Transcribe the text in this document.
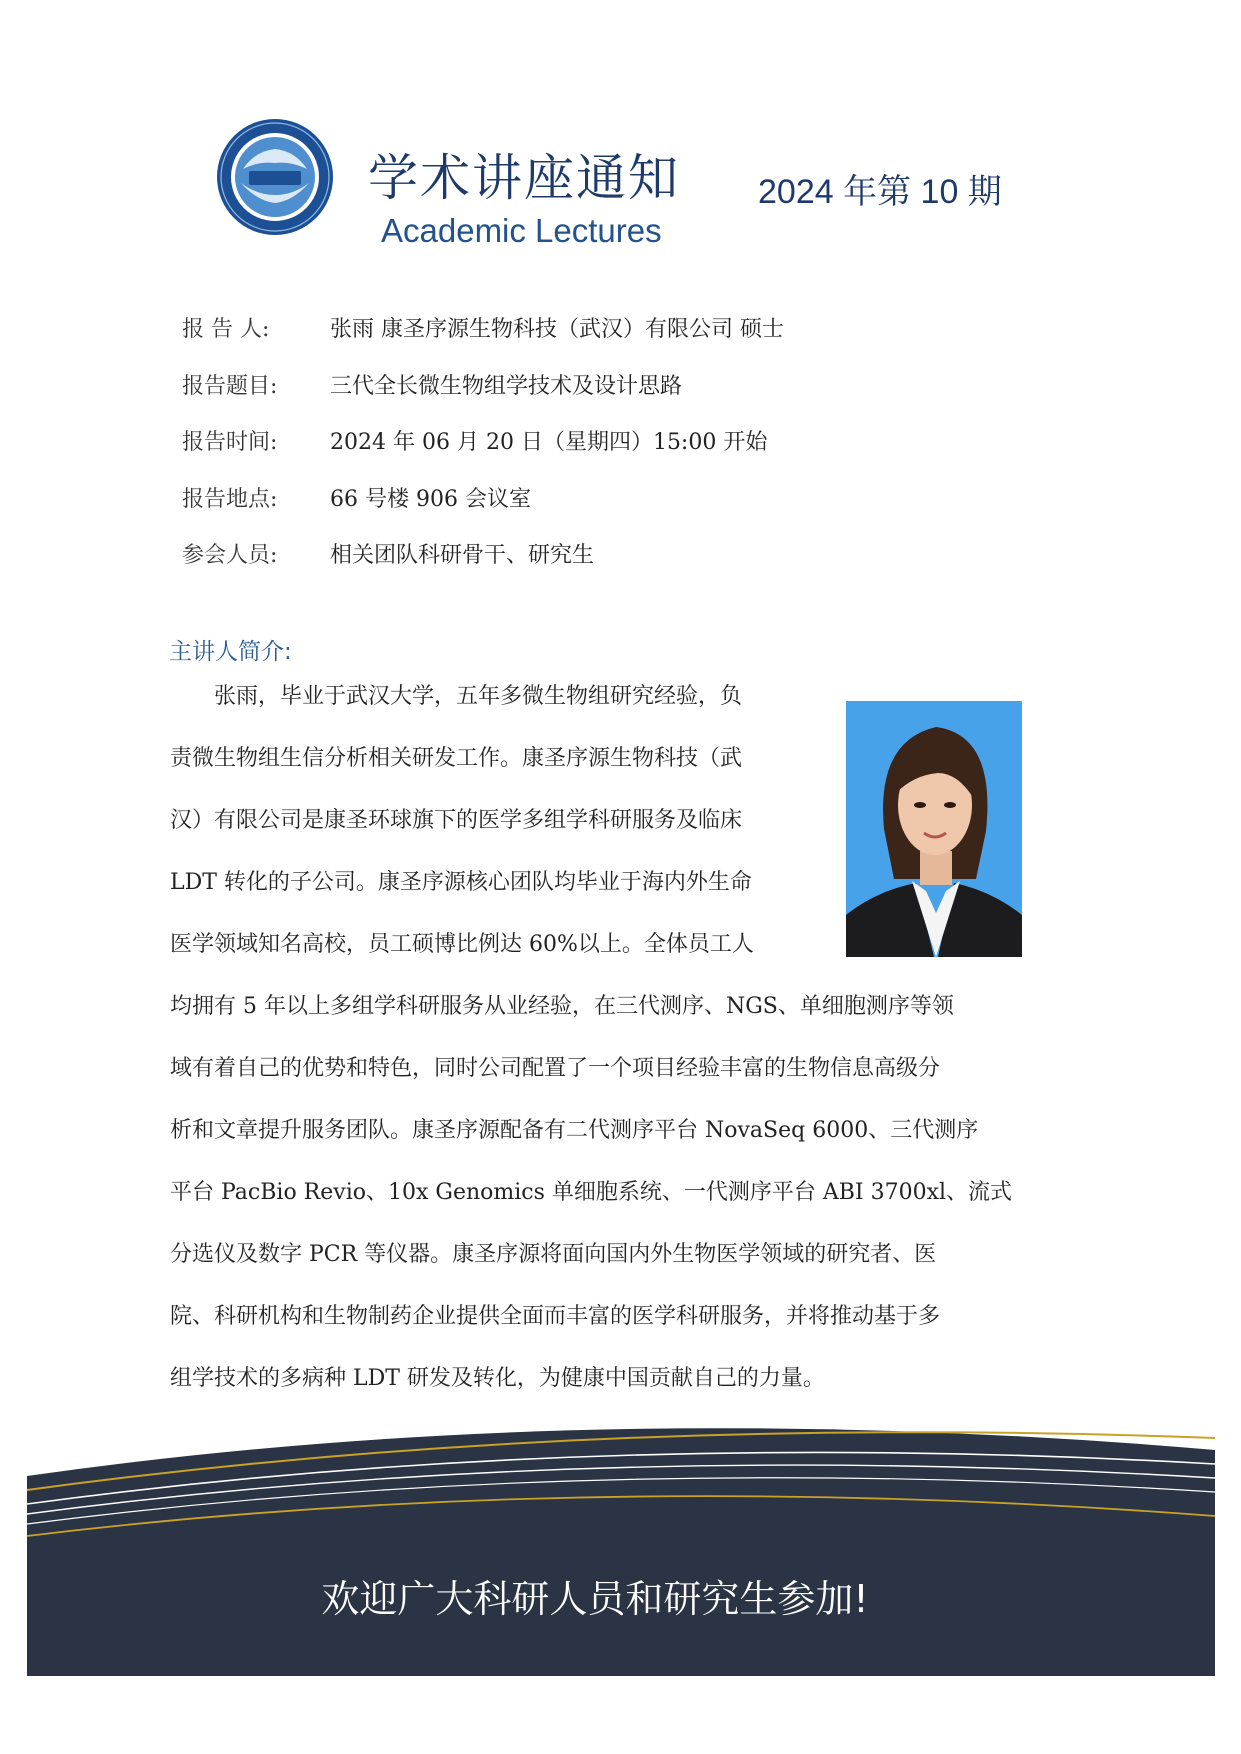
学术讲座通知
Academic Lectures
2024 年第 10 期
报 告 人:	张雨 康圣序源生物科技（武汉）有限公司 硕士
报告题目: 三代全长微生物组学技术及设计思路
报告时间: 2024 年 06 月 20 日（星期四）15:00 开始
报告地点: 66 号楼 906 会议室
参会人员: 相关团队科研骨干、研究生
主讲人简介:
　　张雨，毕业于武汉大学，五年多微生物组研究经验，负
责微生物组生信分析相关研发工作。康圣序源生物科技（武
汉）有限公司是康圣环球旗下的医学多组学科研服务及临床
LDT 转化的子公司。康圣序源核心团队均毕业于海内外生命
医学领域知名高校，员工硕博比例达 60%以上。全体员工人
均拥有 5 年以上多组学科研服务从业经验，在三代测序、NGS、单细胞测序等领
域有着自己的优势和特色，同时公司配置了一个项目经验丰富的生物信息高级分
析和文章提升服务团队。康圣序源配备有二代测序平台 NovaSeq 6000、三代测序
平台 PacBio Revio、10x Genomics 单细胞系统、一代测序平台 ABI 3700xl、流式
分选仪及数字 PCR 等仪器。康圣序源将面向国内外生物医学领域的研究者、医
院、科研机构和生物制药企业提供全面而丰富的医学科研服务，并将推动基于多
组学技术的多病种 LDT 研发及转化，为健康中国贡献自己的力量。
欢迎广大科研人员和研究生参加!
